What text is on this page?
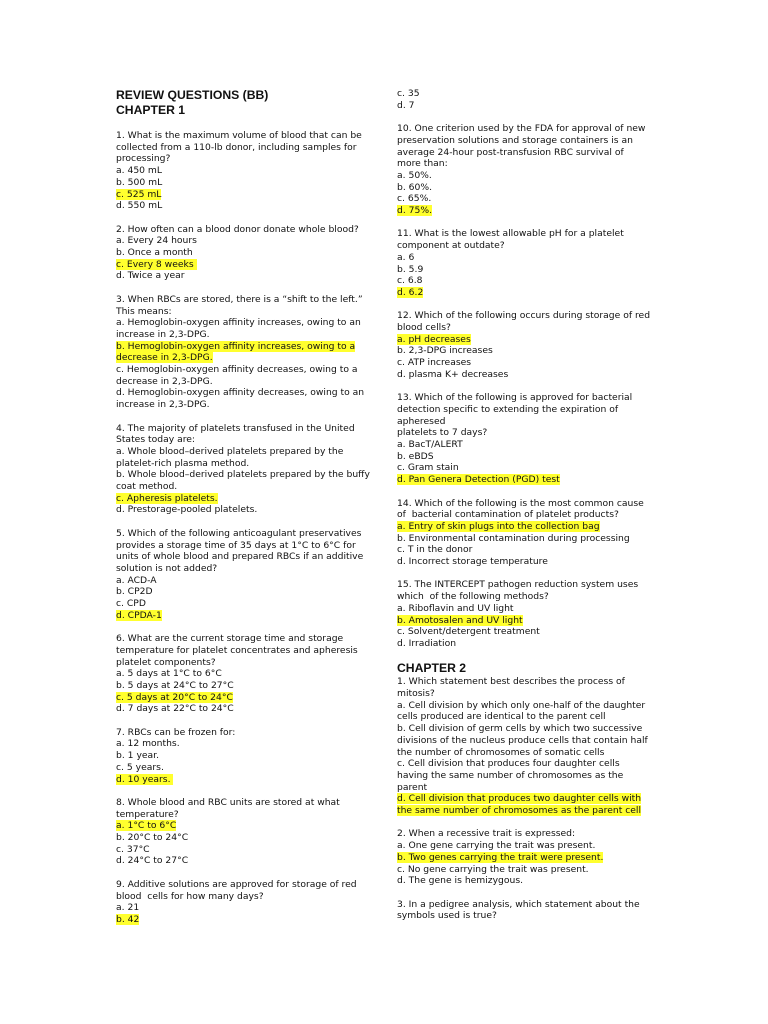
REVIEW QUESTIONS (BB)

CHAPTER 1

1. What is the maximum volume of blood that can be

collected from a 110-lb donor, including samples for

processing?

a. 450 mL

b. 500 mL

c. 525 mL

d. 550 mL

2. How often can a blood donor donate whole blood?

a. Every 24 hours

b. Once a month

c. Every 8 weeks

d. Twice a year

3. When RBCs are stored, there is a “shift to the left.”

This means:

a. Hemoglobin-oxygen affinity increases, owing to an

increase in 2,3-DPG.

b. Hemoglobin-oxygen affinity increases, owing to a

decrease in 2,3-DPG.

c. Hemoglobin-oxygen affinity decreases, owing to a

decrease in 2,3-DPG.

d. Hemoglobin-oxygen affinity decreases, owing to an

increase in 2,3-DPG.

4. The majority of platelets transfused in the United

States today are:

a. Whole blood–derived platelets prepared by the

platelet-rich plasma method.

b. Whole blood–derived platelets prepared by the buffy

coat method.

c. Apheresis platelets.

d. Prestorage-pooled platelets.

5. Which of the following anticoagulant preservatives

provides a storage time of 35 days at 1°C to 6°C for

units of whole blood and prepared RBCs if an additive

solution is not added?

a. ACD-A

b. CP2D

c. CPD

d. CPDA-1

6. What are the current storage time and storage

temperature for platelet concentrates and apheresis

platelet components?

a. 5 days at 1°C to 6°C

b. 5 days at 24°C to 27°C

c. 5 days at 20°C to 24°C

d. 7 days at 22°C to 24°C

7. RBCs can be frozen for:

a. 12 months.

b. 1 year.

c. 5 years.

d. 10 years.

8. Whole blood and RBC units are stored at what

temperature?

a. 1°C to 6°C

b. 20°C to 24°C

c. 37°C

d. 24°C to 27°C

9. Additive solutions are approved for storage of red

blood  cells for how many days?

a. 21

b. 42

c. 35

d. 7

10. One criterion used by the FDA for approval of new

preservation solutions and storage containers is an

average 24-hour post-transfusion RBC survival of

more than:

a. 50%.

b. 60%.

c. 65%.

d. 75%.

11. What is the lowest allowable pH for a platelet

component at outdate?

a. 6

b. 5.9

c. 6.8

d. 6.2

12. Which of the following occurs during storage of red

blood cells?

a. pH decreases

b. 2,3-DPG increases

c. ATP increases

d. plasma K+ decreases

13. Which of the following is approved for bacterial

detection specific to extending the expiration of

apheresed

platelets to 7 days?

a. BacT/ALERT

b. eBDS

c. Gram stain

d. Pan Genera Detection (PGD) test

14. Which of the following is the most common cause

of  bacterial contamination of platelet products?

a. Entry of skin plugs into the collection bag

b. Environmental contamination during processing

c. T in the donor

d. Incorrect storage temperature

15. The INTERCEPT pathogen reduction system uses

which  of the following methods?

a. Riboflavin and UV light

b. Amotosalen and UV light

c. Solvent/detergent treatment

d. Irradiation

CHAPTER 2

1. Which statement best describes the process of

mitosis?

a. Cell division by which only one-half of the daughter

cells produced are identical to the parent cell

b. Cell division of germ cells by which two successive

divisions of the nucleus produce cells that contain half

the number of chromosomes of somatic cells

c. Cell division that produces four daughter cells

having the same number of chromosomes as the

parent

d. Cell division that produces two daughter cells with

the same number of chromosomes as the parent cell

2. When a recessive trait is expressed:

a. One gene carrying the trait was present.

b. Two genes carrying the trait were present.

c. No gene carrying the trait was present.

d. The gene is hemizygous.

3. In a pedigree analysis, which statement about the

symbols used is true?
